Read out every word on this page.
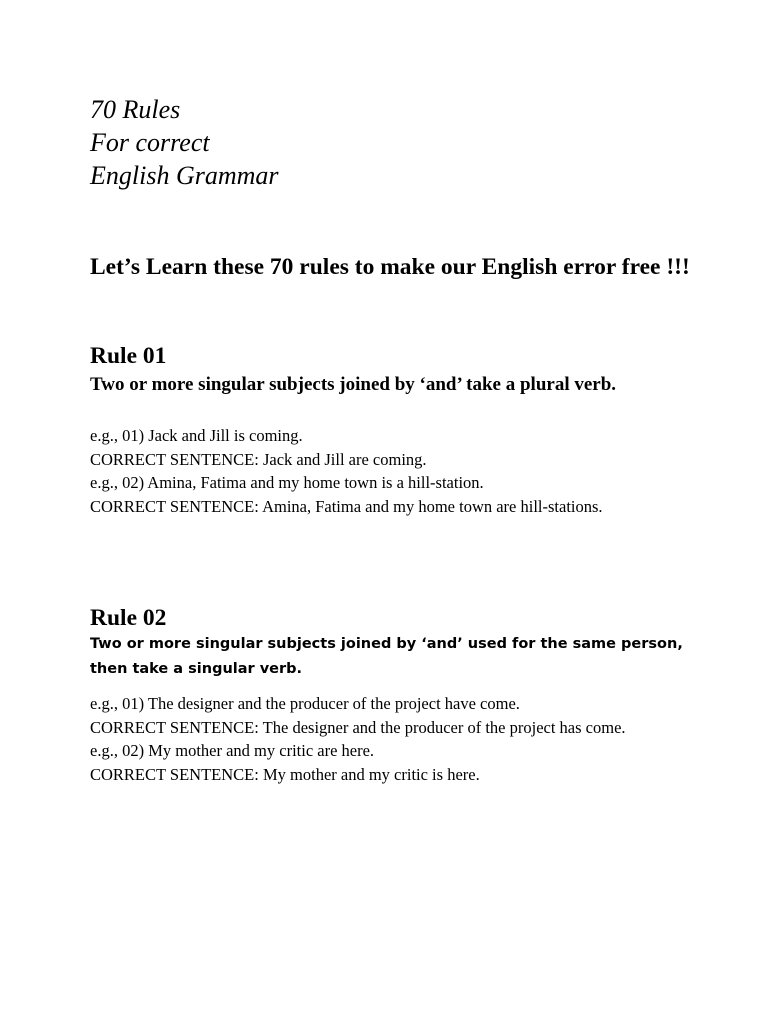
70 Rules
For correct
English Grammar
Let’s Learn these 70 rules to make our English error free !!!
Rule 01
Two or more singular subjects joined by ‘and’ take a plural verb.
e.g., 01) Jack and Jill is coming.
CORRECT SENTENCE: Jack and Jill are coming.
e.g., 02) Amina, Fatima and my home town is a hill-station.
CORRECT SENTENCE: Amina, Fatima and my home town are hill-stations.
Rule 02
Two or more singular subjects joined by ‘and’ used for the same person, then take a singular verb.
e.g., 01) The designer and the producer of the project have come.
CORRECT SENTENCE: The designer and the producer of the project has come.
e.g., 02) My mother and my critic are here.
CORRECT SENTENCE: My mother and my critic is here.
